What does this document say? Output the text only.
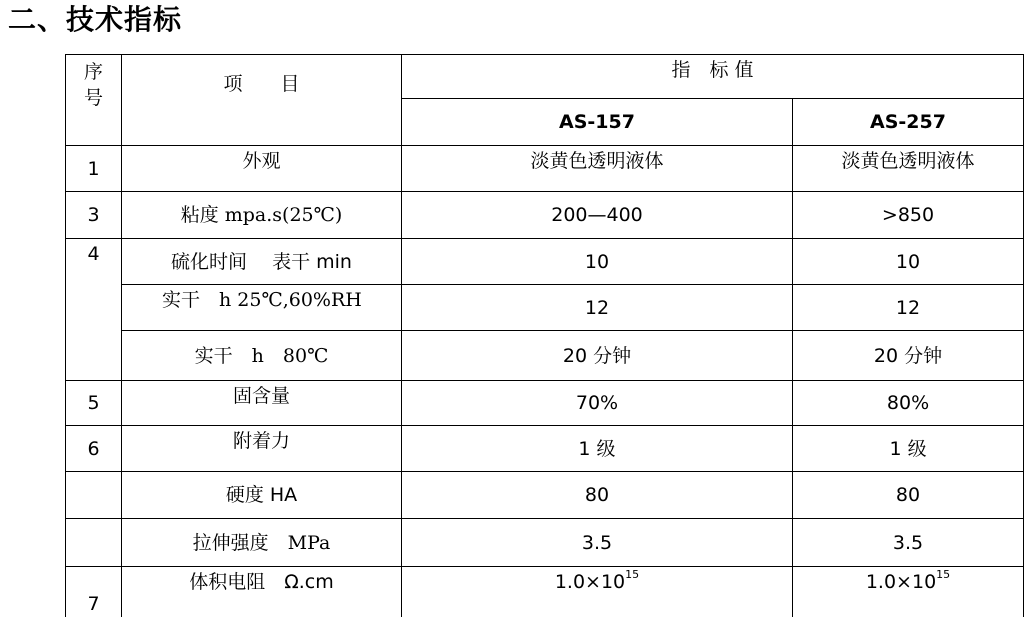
二、技术指标
序号	项　　目	指　标 值	
		AS-157	AS-257
1	外观	淡黄色透明液体	淡黄色透明液体
3	粘度 mpa.s(25℃)	200—400	>850
4	硫化时间　 表干 min	10	10
	实干　h 25℃,60%RH	12	12
	实干　h　80℃	20 分钟	20 分钟
5	固含量	70%	80%
6	附着力	1 级	1 级
	硬度 HA	80	80
	拉伸强度　MPa	3.5	3.5
7	体积电阻　Ω.cm	$1.0\times 10^{15}$	$1.0\times 10^{15}$
